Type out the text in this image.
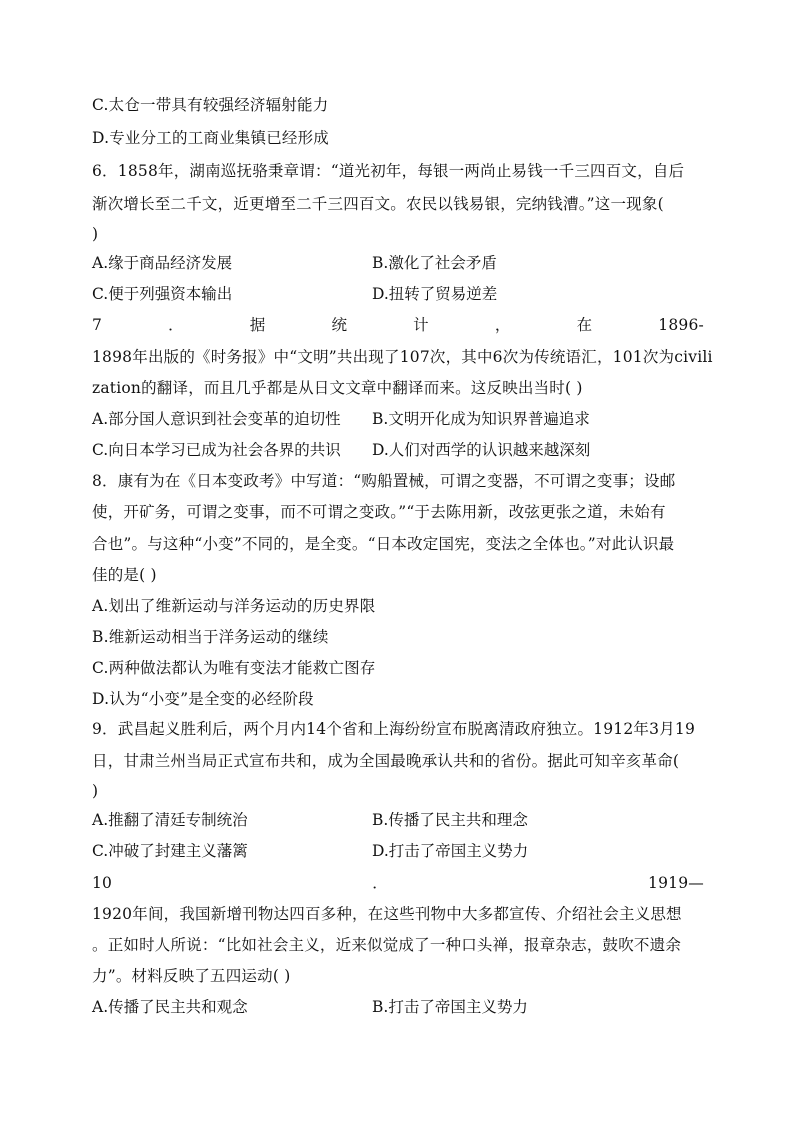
C.太仓一带具有较强经济辐射能力
D.专业分工的工商业集镇已经形成
6．1858年，湖南巡抚骆秉章谓：“道光初年，每银一两尚止易钱一千三四百文，自后
渐次增长至二千文，近更增至二千三四百文。农民以钱易银，完纳钱漕。”这一现象(
)
A.缘于商品经济发展	B.激化了社会矛盾
C.便于列强资本输出	D.扭转了贸易逆差
7	．	据	统	计	，	在	1896-
1898年出版的《时务报》中“文明”共出现了107次，其中6次为传统语汇，101次为civili
zation的翻译，而且几乎都是从日文文章中翻译而来。这反映出当时( )
A.部分国人意识到社会变革的迫切性 B.文明开化成为知识界普遍追求
C.向日本学习已成为社会各界的共识 D.人们对西学的认识越来越深刻
8．康有为在《日本变政考》中写道：“购船置械，可谓之变器，不可谓之变事；设邮
使，开矿务，可谓之变事，而不可谓之变政。”“于去陈用新，改弦更张之道，未始有
合也”。与这种“小变”不同的，是全变。“日本改定国宪，变法之全体也。”对此认识最
佳的是( )
A.划出了维新运动与洋务运动的历史界限
B.维新运动相当于洋务运动的继续
C.两种做法都认为唯有变法才能救亡图存
D.认为“小变”是全变的必经阶段
9．武昌起义胜利后，两个月内14个省和上海纷纷宣布脱离清政府独立。1912年3月19
日，甘肃兰州当局正式宣布共和，成为全国最晚承认共和的省份。据此可知辛亥革命(
)
A.推翻了清廷专制统治	B.传播了民主共和理念
C.冲破了封建主义藩篱	D.打击了帝国主义势力
10	．	1919—
1920年间，我国新增刊物达四百多种，在这些刊物中大多都宣传、介绍社会主义思想
。正如时人所说：“比如社会主义，近来似觉成了一种口头禅，报章杂志，鼓吹不遗余
力”。材料反映了五四运动( )
A.传播了民主共和观念	B.打击了帝国主义势力
